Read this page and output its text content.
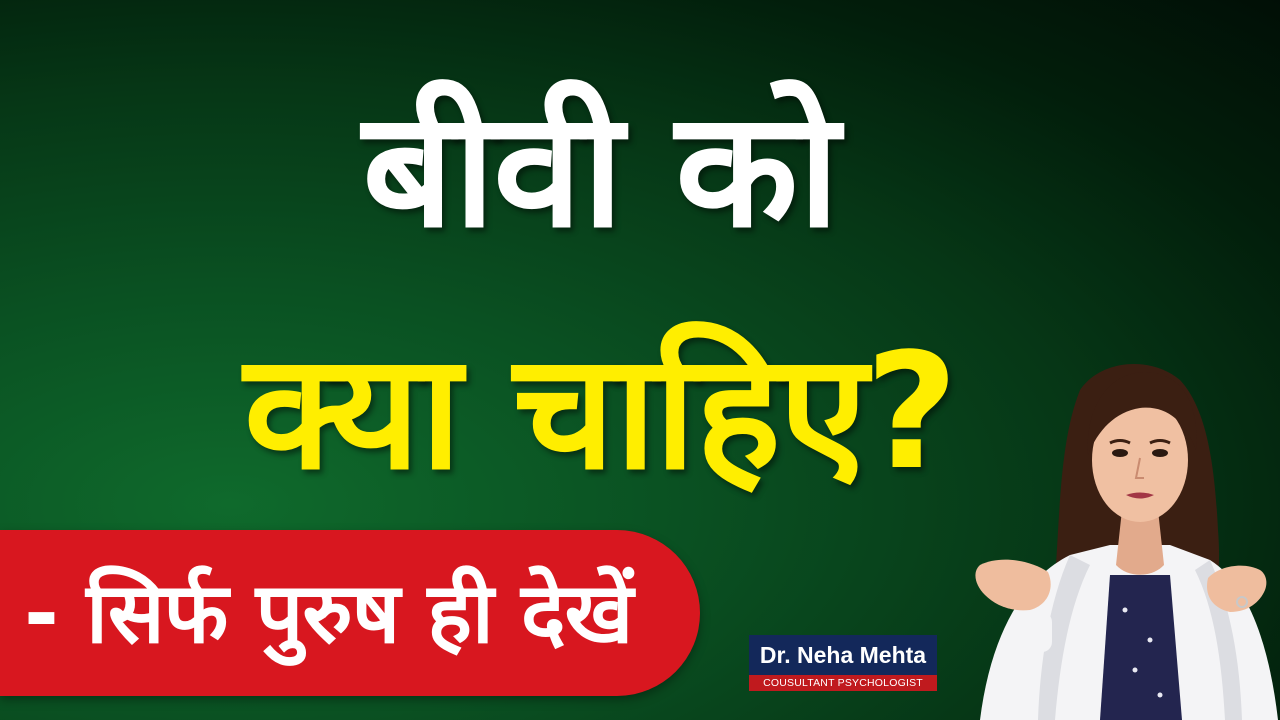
बीवी को
क्या चाहिए?
- सिर्फ पुरुष ही देखें	Dr. Neha Mehta
COUSULTANT PSYCHOLOGIST
